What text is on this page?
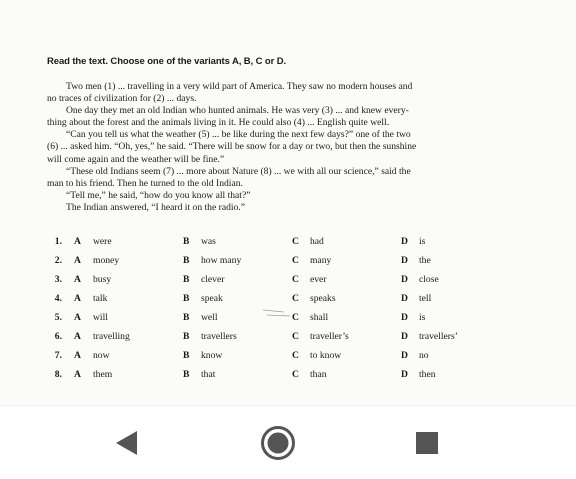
Read the text. Choose one of the variants A, B, C or D.

Two men (1) ... travelling in a very wild part of America. They saw no modern houses and
no traces of civilization for (2) ... days.

One day they met an old Indian who hunted animals. He was very (3) ... and knew every-
thing about the forest and the animals living in it. He could also (4) ... English quite well.

“Can you tell us what the weather (5) ... be like during the next few days?” one of the two
(6) ... asked him. “Oh, yes,” he said. “There will be snow for a day or two, but then the sunshine
will come again and the weather will be fine.”

“These old Indians seem (7) ... more about Nature (8) ... we with all our science,” said the
man to his friend. Then he turned to the old Indian.

“Tell me,” he said, “how do you know all that?”

The Indian answered, “I heard it on the radio.”

1. A were	B was	C had	D is
2. A money	B how many	C many	D the
3. A busy	B clever	C ever	D close
4. A talk	B speak	C speaks	D tell
5. A will	B well	C shall	D is
6. A travelling	B travellers	C traveller’s	D travellers’
7. A now	B know	C to know	D no
8. A them	B that	C than	D then
